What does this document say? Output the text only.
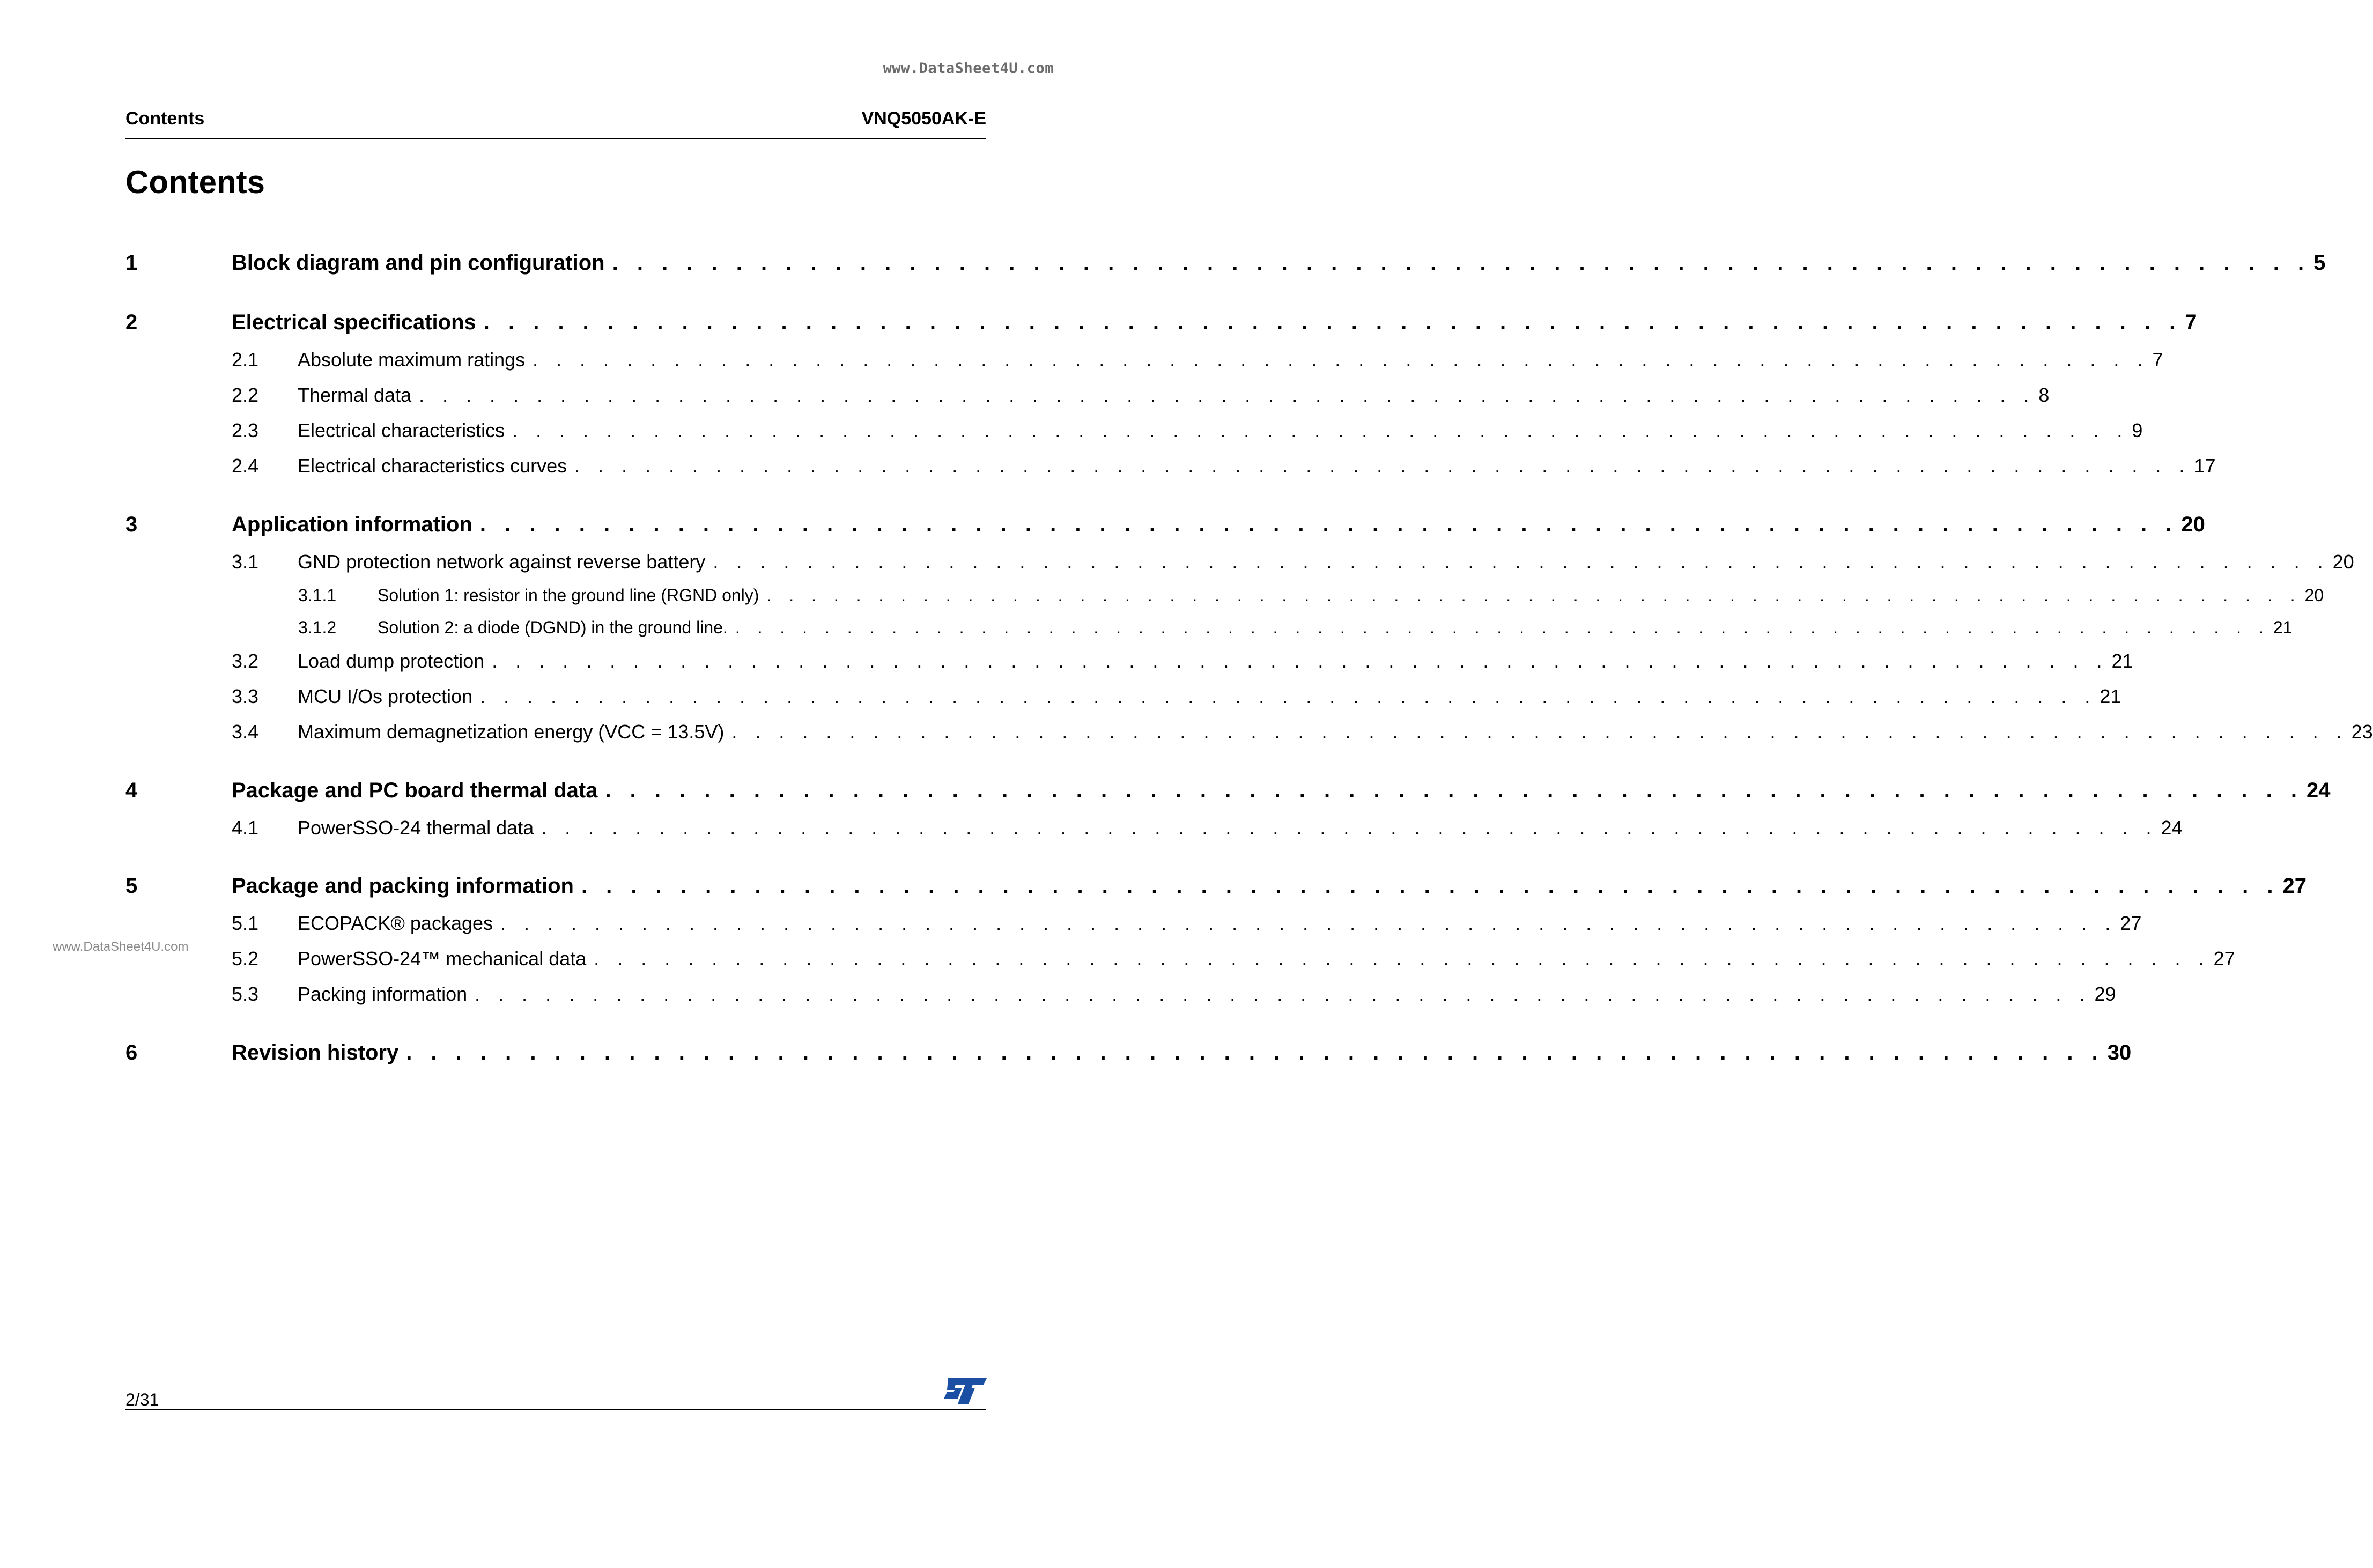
www.DataSheet4U.com
www.DataSheet4U.com
Contents	VNQ5050AK-E
Contents
1	Block diagram and pin configuration . . . . . . . . . . . . . . . . . . . . . . . . . . . . . . . . . . . . . . . . . . . . . . . . . . . . . . . . . . . . . . . . . . . . . 5
2	Electrical specifications . . . . . . . . . . . . . . . . . . . . . . . . . . . . . . . . . . . . . . . . . . . . . . . . . . . . . . . . . . . . . . . . . . . . . 7
2.1 Absolute maximum ratings . . . . . . . . . . . . . . . . . . . . . . . . . . . . . . . . . . . . . . . . . . . . . . . . . . . . . . . . . . . . . . . . . . . . . 7
2.2 Thermal data . . . . . . . . . . . . . . . . . . . . . . . . . . . . . . . . . . . . . . . . . . . . . . . . . . . . . . . . . . . . . . . . . . . . . 8
2.3 Electrical characteristics . . . . . . . . . . . . . . . . . . . . . . . . . . . . . . . . . . . . . . . . . . . . . . . . . . . . . . . . . . . . . . . . . . . . . 9
2.4 Electrical characteristics curves . . . . . . . . . . . . . . . . . . . . . . . . . . . . . . . . . . . . . . . . . . . . . . . . . . . . . . . . . . . . . . . . . . . . . 17
3	Application information . . . . . . . . . . . . . . . . . . . . . . . . . . . . . . . . . . . . . . . . . . . . . . . . . . . . . . . . . . . . . . . . . . . . . 20
3.1 GND protection network against reverse battery . . . . . . . . . . . . . . . . . . . . . . . . . . . . . . . . . . . . . . . . . . . . . . . . . . . . . . . . . . . . . . . . . . . . . 20
3.1.1 Solution 1: resistor in the ground line (RGND only) . . . . . . . . . . . . . . . . . . . . . . . . . . . . . . . . . . . . . . . . . . . . . . . . . . . . . . . . . . . . . . . . . . . . . 20
3.1.2 Solution 2: a diode (DGND) in the ground line. . . . . . . . . . . . . . . . . . . . . . . . . . . . . . . . . . . . . . . . . . . . . . . . . . . . . . . . . . . . . . . . . . . . . . 21
3.2 Load dump protection . . . . . . . . . . . . . . . . . . . . . . . . . . . . . . . . . . . . . . . . . . . . . . . . . . . . . . . . . . . . . . . . . . . . . 21
3.3 MCU I/Os protection . . . . . . . . . . . . . . . . . . . . . . . . . . . . . . . . . . . . . . . . . . . . . . . . . . . . . . . . . . . . . . . . . . . . . 21
3.4 Maximum demagnetization energy (VCC = 13.5V) . . . . . . . . . . . . . . . . . . . . . . . . . . . . . . . . . . . . . . . . . . . . . . . . . . . . . . . . . . . . . . . . . . . . . 23
4	Package and PC board thermal data . . . . . . . . . . . . . . . . . . . . . . . . . . . . . . . . . . . . . . . . . . . . . . . . . . . . . . . . . . . . . . . . . . . . . 24
4.1 PowerSSO-24 thermal data . . . . . . . . . . . . . . . . . . . . . . . . . . . . . . . . . . . . . . . . . . . . . . . . . . . . . . . . . . . . . . . . . . . . . 24
5	Package and packing information . . . . . . . . . . . . . . . . . . . . . . . . . . . . . . . . . . . . . . . . . . . . . . . . . . . . . . . . . . . . . . . . . . . . . 27
5.1 ECOPACK® packages . . . . . . . . . . . . . . . . . . . . . . . . . . . . . . . . . . . . . . . . . . . . . . . . . . . . . . . . . . . . . . . . . . . . . 27
5.2 PowerSSO-24™ mechanical data . . . . . . . . . . . . . . . . . . . . . . . . . . . . . . . . . . . . . . . . . . . . . . . . . . . . . . . . . . . . . . . . . . . . . 27
5.3 Packing information . . . . . . . . . . . . . . . . . . . . . . . . . . . . . . . . . . . . . . . . . . . . . . . . . . . . . . . . . . . . . . . . . . . . . 29
6	Revision history . . . . . . . . . . . . . . . . . . . . . . . . . . . . . . . . . . . . . . . . . . . . . . . . . . . . . . . . . . . . . . . . . . . . . 30
2/31
